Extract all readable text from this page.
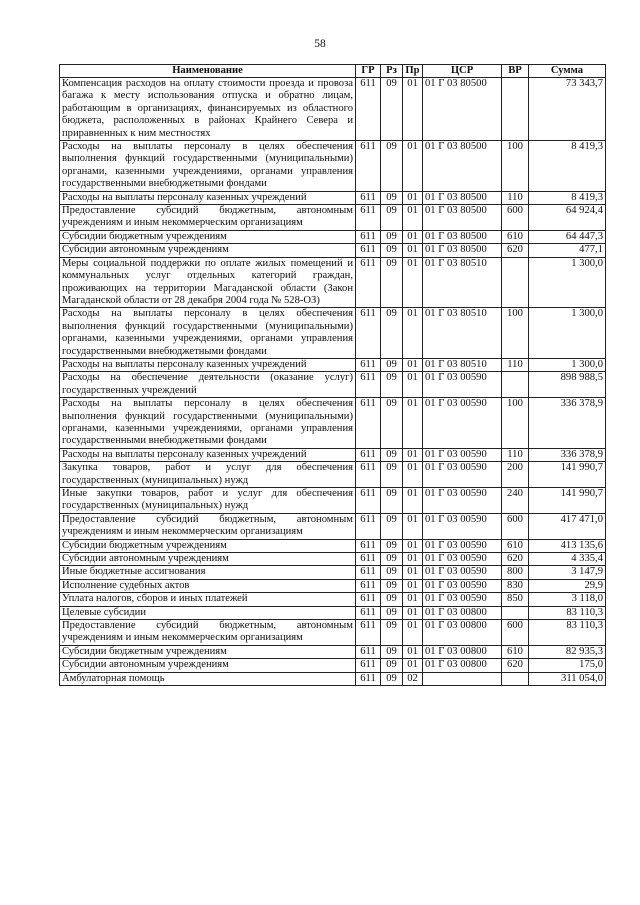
58
Наименование	ГР	Рз	Пр	ЦСР	ВР	Сумма
Компенсация расходов на оплату стоимости проезда и провоза багажа к месту использования отпуска и обратно лицам, работающим в организациях, финансируемых из областного бюджета, расположенных в районах Крайнего Севера и приравненных к ним местностях	611	09	01	01 Г 03 80500		73 343,7
Расходы на выплаты персоналу в целях обеспечения выполнения функций государственными (муниципальными) органами, казенными учреждениями, органами управления государственными внебюджетными фондами	611	09	01	01 Г 03 80500	100	8 419,3
Расходы на выплаты персоналу казенных учреждений	611	09	01	01 Г 03 80500	110	8 419,3
Предоставление субсидий бюджетным, автономным учреждениям и иным некоммерческим организациям	611	09	01	01 Г 03 80500	600	64 924,4
Субсидии бюджетным учреждениям	611	09	01	01 Г 03 80500	610	64 447,3
Субсидии автономным учреждениям	611	09	01	01 Г 03 80500	620	477,1
Меры социальной поддержки по оплате жилых помещений и коммунальных услуг отдельных категорий граждан, проживающих на территории Магаданской области (Закон Магаданской области от 28 декабря 2004 года № 528-ОЗ)	611	09	01	01 Г 03 80510		1 300,0
Расходы на выплаты персоналу в целях обеспечения выполнения функций государственными (муниципальными) органами, казенными учреждениями, органами управления государственными внебюджетными фондами	611	09	01	01 Г 03 80510	100	1 300,0
Расходы на выплаты персоналу казенных учреждений	611	09	01	01 Г 03 80510	110	1 300,0
Расходы на обеспечение деятельности (оказание услуг) государственных учреждений	611	09	01	01 Г 03 00590		898 988,5
Расходы на выплаты персоналу в целях обеспечения выполнения функций государственными (муниципальными) органами, казенными учреждениями, органами управления государственными внебюджетными фондами	611	09	01	01 Г 03 00590	100	336 378,9
Расходы на выплаты персоналу казенных учреждений	611	09	01	01 Г 03 00590	110	336 378,9
Закупка товаров, работ и услуг для обеспечения государственных (муниципальных) нужд	611	09	01	01 Г 03 00590	200	141 990,7
Иные закупки товаров, работ и услуг для обеспечения государственных (муниципальных) нужд	611	09	01	01 Г 03 00590	240	141 990,7
Предоставление субсидий бюджетным, автономным учреждениям и иным некоммерческим организациям	611	09	01	01 Г 03 00590	600	417 471,0
Субсидии бюджетным учреждениям	611	09	01	01 Г 03 00590	610	413 135,6
Субсидии автономным учреждениям	611	09	01	01 Г 03 00590	620	4 335,4
Иные бюджетные ассигнования	611	09	01	01 Г 03 00590	800	3 147,9
Исполнение судебных актов	611	09	01	01 Г 03 00590	830	29,9
Уплата налогов, сборов и иных платежей	611	09	01	01 Г 03 00590	850	3 118,0
Целевые субсидии	611	09	01	01 Г 03 00800		83 110,3
Предоставление субсидий бюджетным, автономным учреждениям и иным некоммерческим организациям	611	09	01	01 Г 03 00800	600	83 110,3
Субсидии бюджетным учреждениям	611	09	01	01 Г 03 00800	610	82 935,3
Субсидии автономным учреждениям	611	09	01	01 Г 03 00800	620	175,0
Амбулаторная помощь	611	09	02			311 054,0
